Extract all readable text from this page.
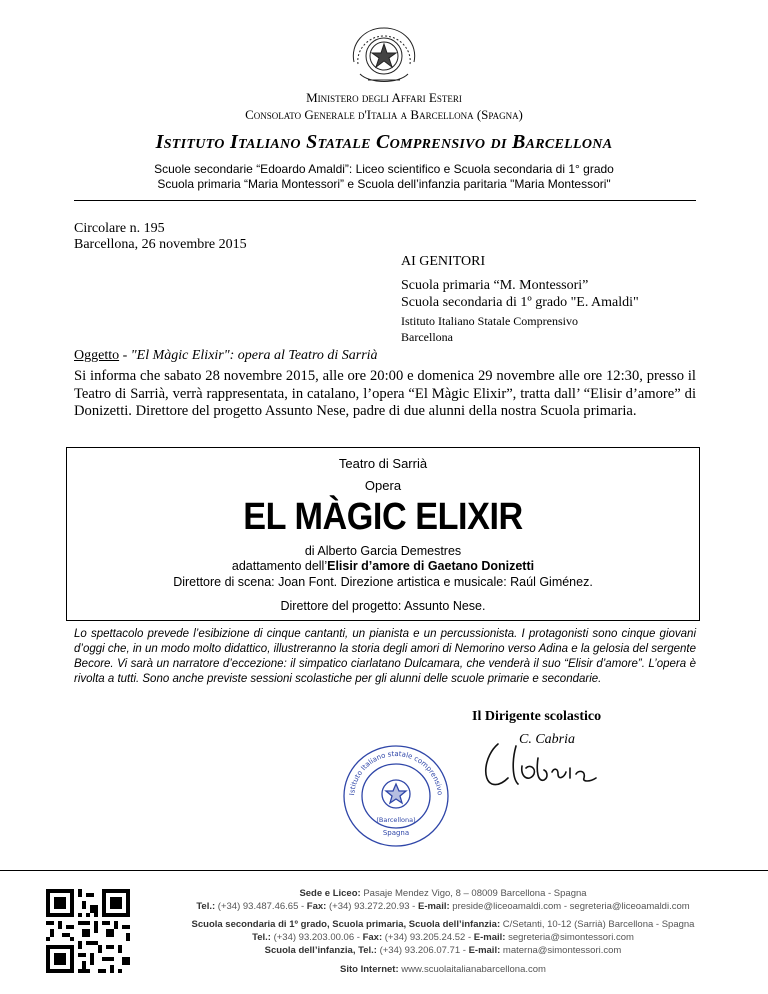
Ministero degli Affari Esteri
Consolato Generale d'Italia a Barcellona (Spagna)
Istituto Italiano Statale Comprensivo di Barcellona
Scuole secondarie “Edoardo Amaldi”: Liceo scientifico e Scuola secondaria di 1° grado
Scuola primaria “Maria Montessori” e Scuola dell’infanzia paritaria "Maria Montessori"
Circolare n. 195
Barcellona, 26 novembre 2015
AI GENITORI
Scuola primaria “M. Montessori”
Scuola secondaria di 1º grado "E. Amaldi"
Istituto Italiano Statale Comprensivo
Barcellona
Oggetto - "El Màgic Elixir": opera al Teatro di Sarrià
Si informa che sabato 28 novembre 2015, alle ore 20:00 e domenica 29 novembre alle ore 12:30, presso il Teatro di Sarrià, verrà rappresentata, in catalano, l’opera “El Màgic Elixir”, tratta dall’ “Elisir d’amore” di Donizetti. Direttore del progetto Assunto Nese, padre di due alunni della nostra Scuola primaria.
Teatro di Sarrià
Opera
EL MÀGIC ELIXIR
di Alberto Garcia Demestres
adattamento dell’Elisir d’amore di Gaetano Donizetti
Direttore di scena: Joan Font. Direzione artistica e musicale: Raúl Giménez.
Direttore del progetto: Assunto Nese.
Lo spettacolo prevede l’esibizione di cinque cantanti, un pianista e un percussionista. I protagonisti sono cinque giovani d’oggi che, in un modo molto didattico, illustreranno la storia degli amori di Nemorino verso Adina e la gelosia del sergente Becore. Vi sarà un narratore d’eccezione: il simpatico ciarlatano Dulcamara, che venderà il suo “Elisir d’amore”. L’opera è rivolta a tutti. Sono anche previste sessioni scolastiche per gli alunni delle scuole primarie e secondarie.
Il Dirigente scolastico
C. Cabria
Istituto Italiano statale comprensivo
(Barcellona)
Spagna
Sede e Liceo: Pasaje Mendez Vigo, 8 – 08009 Barcellona - Spagna
Tel.: (+34) 93.487.46.65 - Fax: (+34) 93.272.20.93 - E-mail: preside@liceoamaldi.com - segreteria@liceoamaldi.com
Scuola secondaria di 1º grado, Scuola primaria, Scuola dell’infanzia: C/Setanti, 10-12 (Sarrià) Barcellona - Spagna
Tel.: (+34) 93.203.00.06 - Fax: (+34) 93.205.24.52 - E-mail: segreteria@simontessori.com
Scuola dell’infanzia, Tel.: (+34) 93.206.07.71 - E-mail: materna@simontessori.com
Sito Internet: www.scuolaitalianabarcellona.com
